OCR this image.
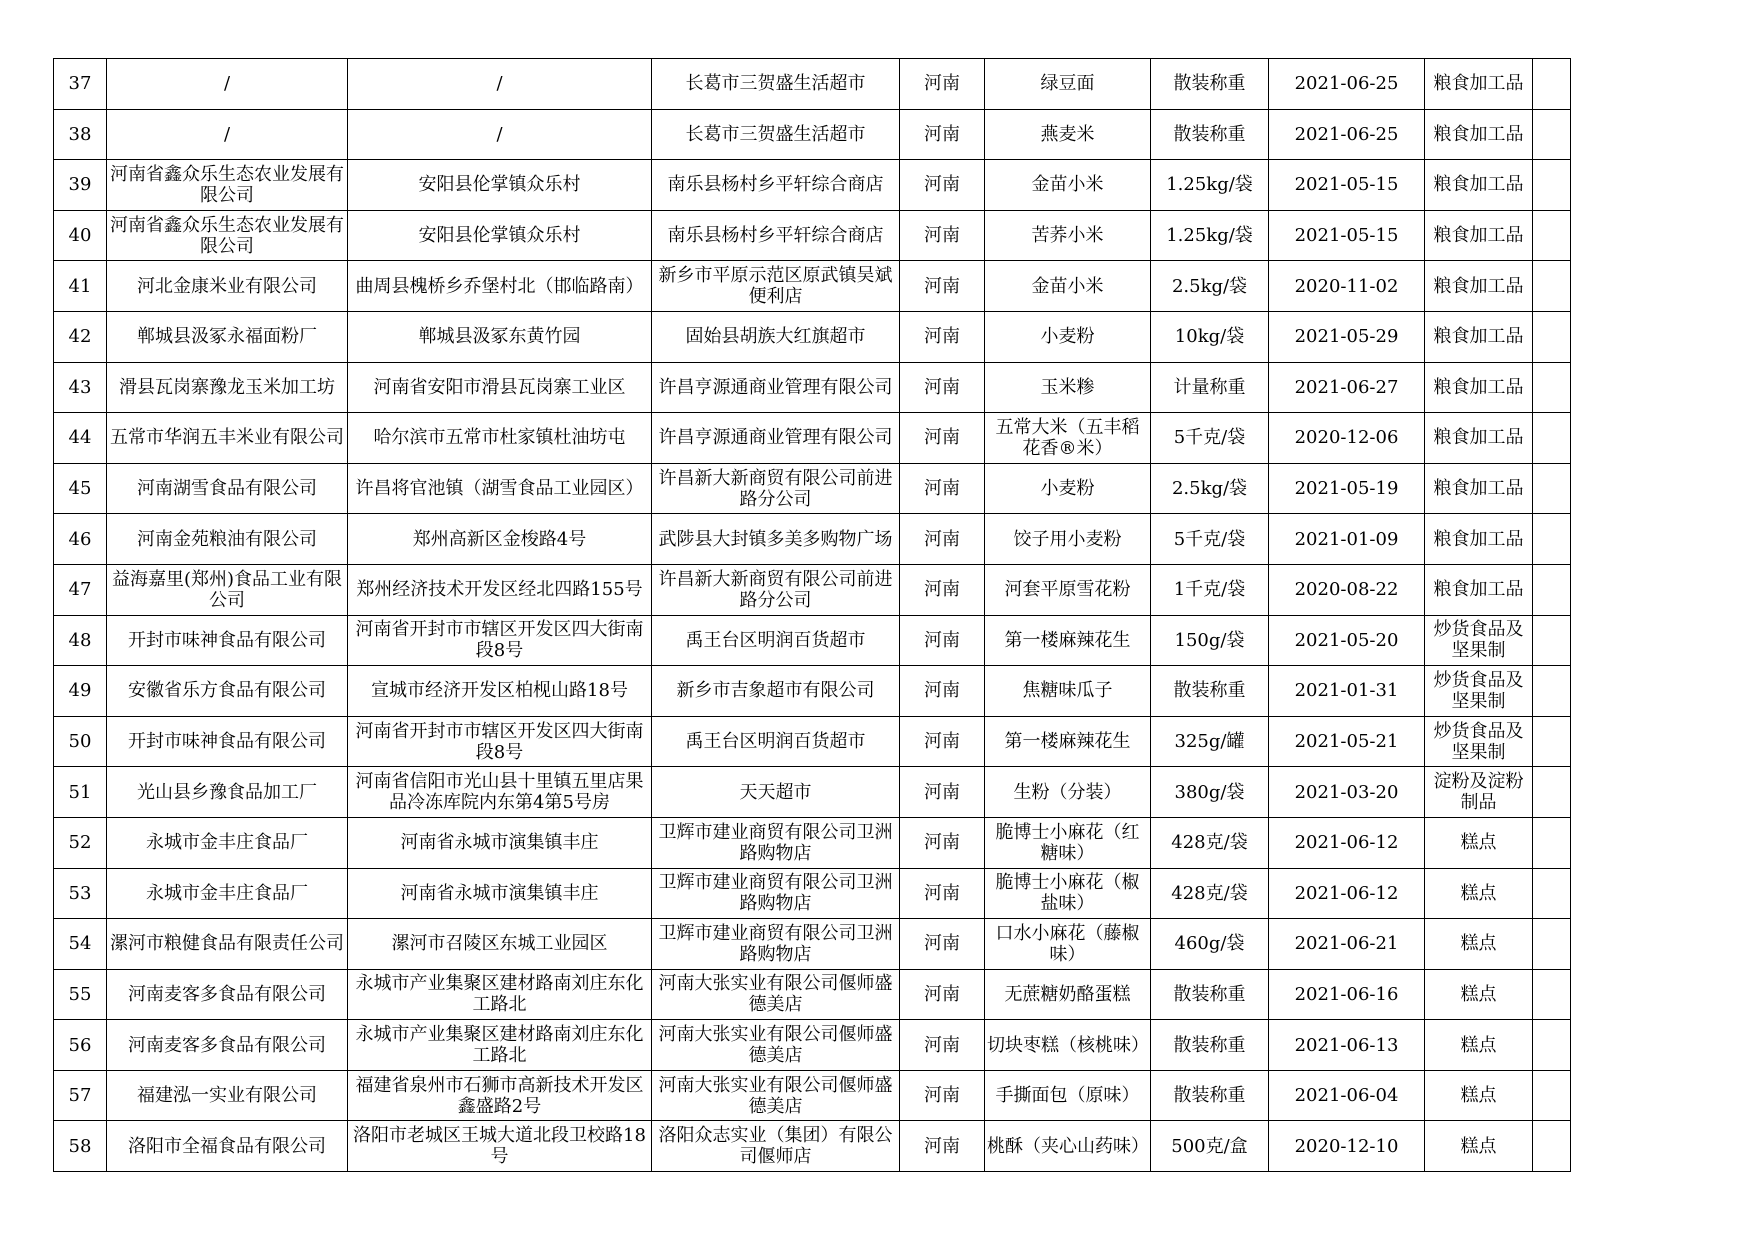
37	/	/	长葛市三贺盛生活超市	河南	绿豆面	散装称重	2021-06-25	粮食加工品	
38	/	/	长葛市三贺盛生活超市	河南	燕麦米	散装称重	2021-06-25	粮食加工品	
39	河南省鑫众乐生态农业发展有限公司	安阳县伦掌镇众乐村	南乐县杨村乡平轩综合商店	河南	金苗小米	1.25kg/袋	2021-05-15	粮食加工品	
40	河南省鑫众乐生态农业发展有限公司	安阳县伦掌镇众乐村	南乐县杨村乡平轩综合商店	河南	苦荞小米	1.25kg/袋	2021-05-15	粮食加工品	
41	河北金康米业有限公司	曲周县槐桥乡乔堡村北（邯临路南）	新乡市平原示范区原武镇吴斌便利店	河南	金苗小米	2.5kg/袋	2020-11-02	粮食加工品	
42	郸城县汲冢永福面粉厂	郸城县汲冢东黄竹园	固始县胡族大红旗超市	河南	小麦粉	10kg/袋	2021-05-29	粮食加工品	
43	滑县瓦岗寨豫龙玉米加工坊	河南省安阳市滑县瓦岗寨工业区	许昌亨源通商业管理有限公司	河南	玉米糁	计量称重	2021-06-27	粮食加工品	
44	五常市华润五丰米业有限公司	哈尔滨市五常市杜家镇杜油坊屯	许昌亨源通商业管理有限公司	河南	五常大米（五丰稻花香®米）	5千克/袋	2020-12-06	粮食加工品	
45	河南湖雪食品有限公司	许昌将官池镇（湖雪食品工业园区）	许昌新大新商贸有限公司前进路分公司	河南	小麦粉	2.5kg/袋	2021-05-19	粮食加工品	
46	河南金苑粮油有限公司	郑州高新区金梭路4号	武陟县大封镇多美多购物广场	河南	饺子用小麦粉	5千克/袋	2021-01-09	粮食加工品	
47	益海嘉里(郑州)食品工业有限公司	郑州经济技术开发区经北四路155号	许昌新大新商贸有限公司前进路分公司	河南	河套平原雪花粉	1千克/袋	2020-08-22	粮食加工品	
48	开封市味神食品有限公司	河南省开封市市辖区开发区四大街南段8号	禹王台区明润百货超市	河南	第一楼麻辣花生	150g/袋	2021-05-20	炒货食品及坚果制	
49	安徽省乐方食品有限公司	宣城市经济开发区柏枧山路18号	新乡市吉象超市有限公司	河南	焦糖味瓜子	散装称重	2021-01-31	炒货食品及坚果制	
50	开封市味神食品有限公司	河南省开封市市辖区开发区四大街南段8号	禹王台区明润百货超市	河南	第一楼麻辣花生	325g/罐	2021-05-21	炒货食品及坚果制	
51	光山县乡豫食品加工厂	河南省信阳市光山县十里镇五里店果品冷冻库院内东第4第5号房	天天超市	河南	生粉（分装）	380g/袋	2021-03-20	淀粉及淀粉制品	
52	永城市金丰庄食品厂	河南省永城市演集镇丰庄	卫辉市建业商贸有限公司卫洲路购物店	河南	脆博士小麻花（红糖味）	428克/袋	2021-06-12	糕点	
53	永城市金丰庄食品厂	河南省永城市演集镇丰庄	卫辉市建业商贸有限公司卫洲路购物店	河南	脆博士小麻花（椒盐味）	428克/袋	2021-06-12	糕点	
54	漯河市粮健食品有限责任公司	漯河市召陵区东城工业园区	卫辉市建业商贸有限公司卫洲路购物店	河南	口水小麻花（藤椒味）	460g/袋	2021-06-21	糕点	
55	河南麦客多食品有限公司	永城市产业集聚区建材路南刘庄东化工路北	河南大张实业有限公司偃师盛德美店	河南	无蔗糖奶酪蛋糕	散装称重	2021-06-16	糕点	
56	河南麦客多食品有限公司	永城市产业集聚区建材路南刘庄东化工路北	河南大张实业有限公司偃师盛德美店	河南	切块枣糕（核桃味）	散装称重	2021-06-13	糕点	
57	福建泓一实业有限公司	福建省泉州市石狮市高新技术开发区鑫盛路2号	河南大张实业有限公司偃师盛德美店	河南	手撕面包（原味）	散装称重	2021-06-04	糕点	
58	洛阳市全福食品有限公司	洛阳市老城区王城大道北段卫校路18号	洛阳众志实业（集团）有限公司偃师店	河南	桃酥（夹心山药味）	500克/盒	2020-12-10	糕点	
